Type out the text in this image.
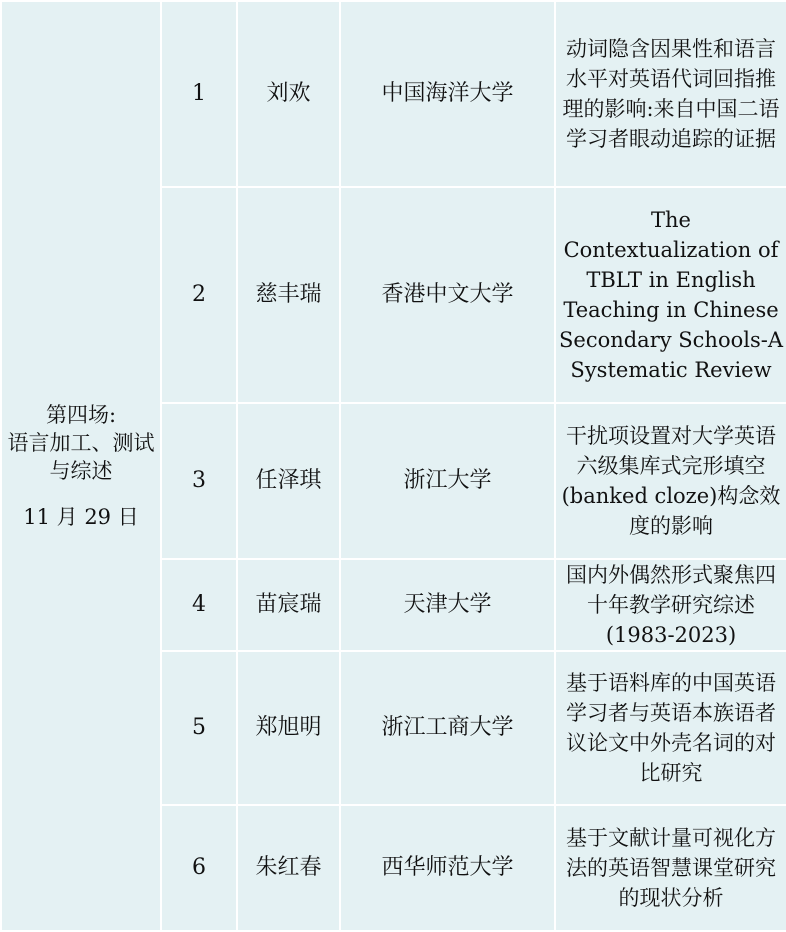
第四场:
语言加工、测试与综述
11 月 29 日	1	刘欢	中国海洋大学	动词隐含因果性和语言水平对英语代词回指推理的影响:来自中国二语学习者眼动追踪的证据
	2	慈丰瑞	香港中文大学	The Contextualization of TBLT in English Teaching in Chinese Secondary Schools-A Systematic Review
	3	任泽琪	浙江大学	干扰项设置对大学英语六级集库式完形填空(banked cloze)构念效度的影响
	4	苗宸瑞	天津大学	国内外偶然形式聚焦四十年教学研究综述(1983-2023)
	5	郑旭明	浙江工商大学	基于语料库的中国英语学习者与英语本族语者议论文中外壳名词的对比研究
	6	朱红春	西华师范大学	基于文献计量可视化方法的英语智慧课堂研究的现状分析
